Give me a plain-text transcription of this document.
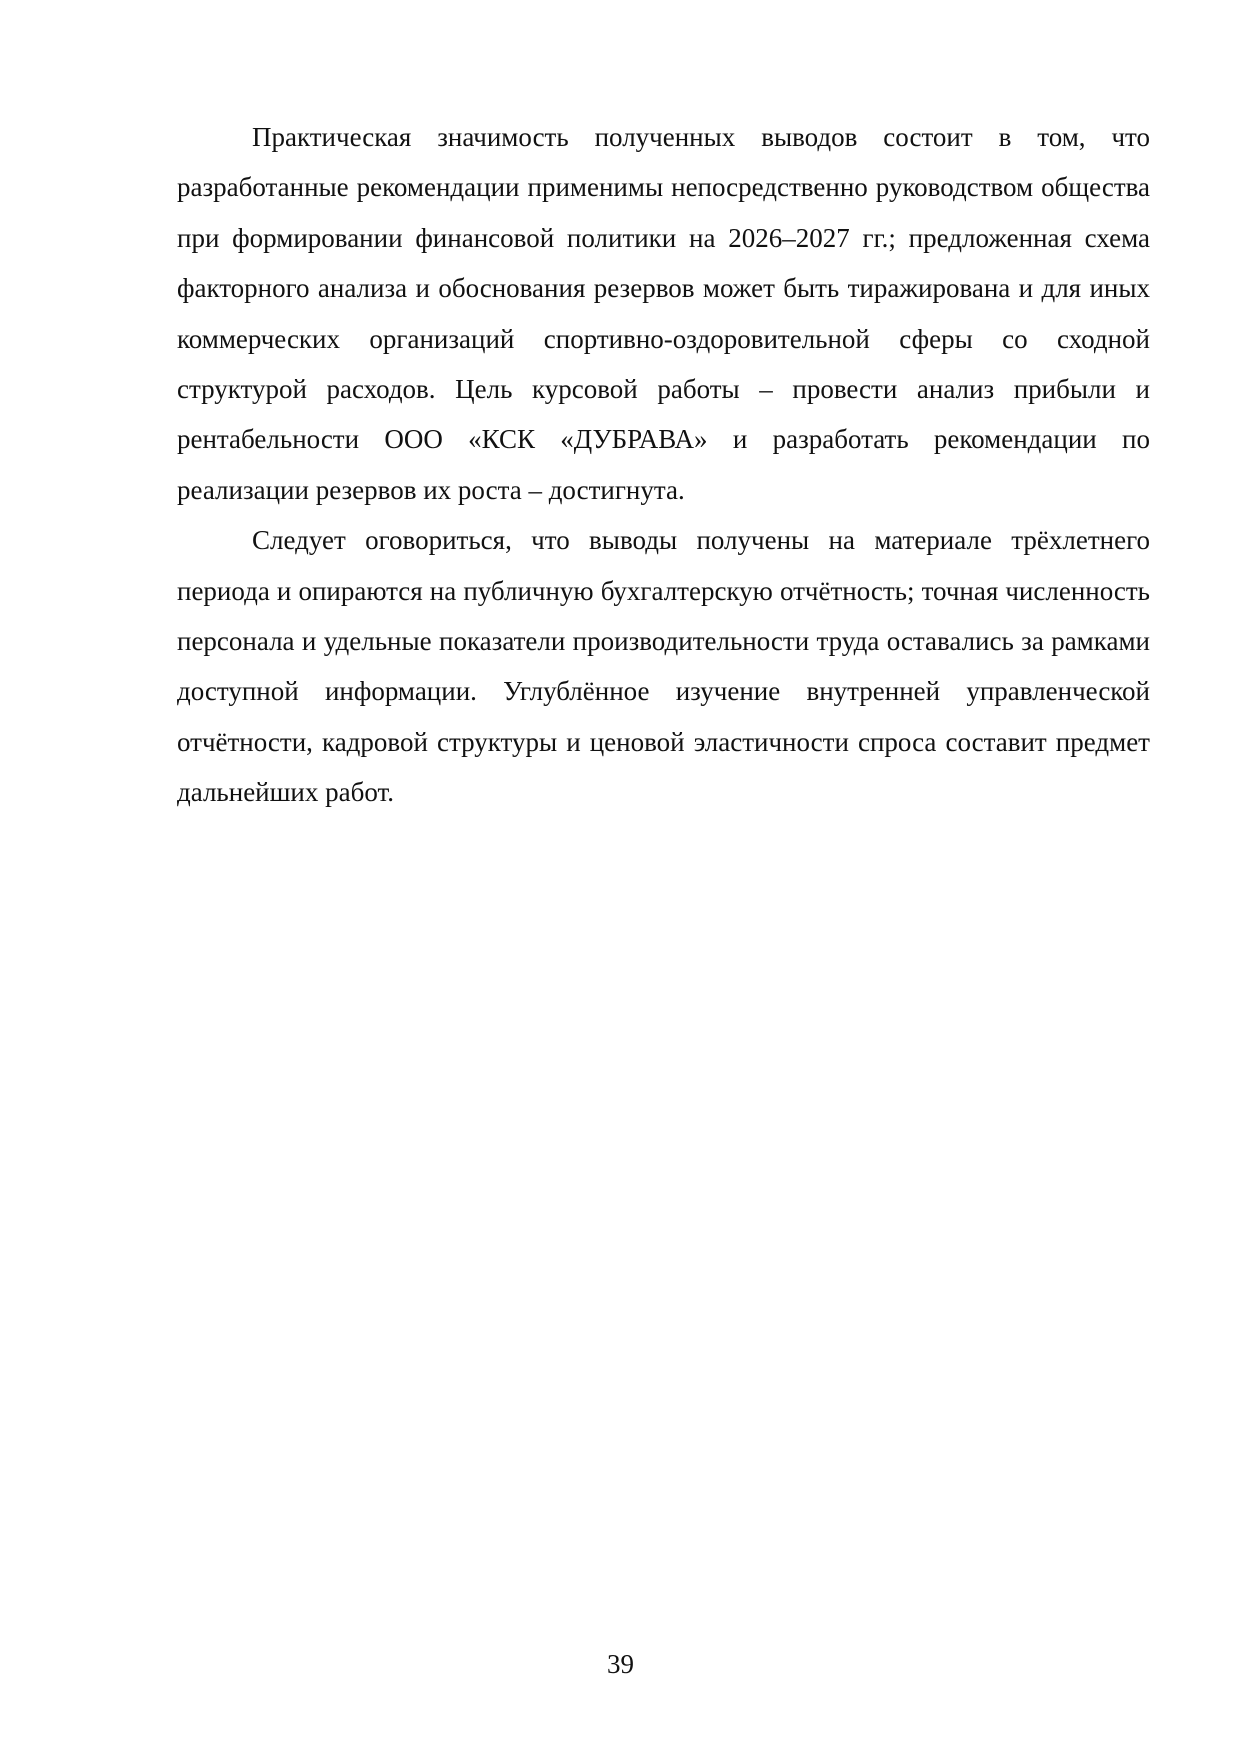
Практическая значимость полученных выводов состоит в том, что разработанные рекомендации применимы непосредственно руководством общества при формировании финансовой политики на 2026–2027 гг.; предложенная схема факторного анализа и обоснования резервов может быть тиражирована и для иных коммерческих организаций спортивно-оздоровительной сферы со сходной структурой расходов. Цель курсовой работы – провести анализ прибыли и рентабельности ООО «КСК «ДУБРАВА» и разработать рекомендации по реализации резервов их роста – достигнута.

Следует оговориться, что выводы получены на материале трёхлетнего периода и опираются на публичную бухгалтерскую отчётность; точная численность персонала и удельные показатели производительности труда оставались за рамками доступной информации. Углублённое изучение внутренней управленческой отчётности, кадровой структуры и ценовой эластичности спроса составит предмет дальнейших работ.

39
